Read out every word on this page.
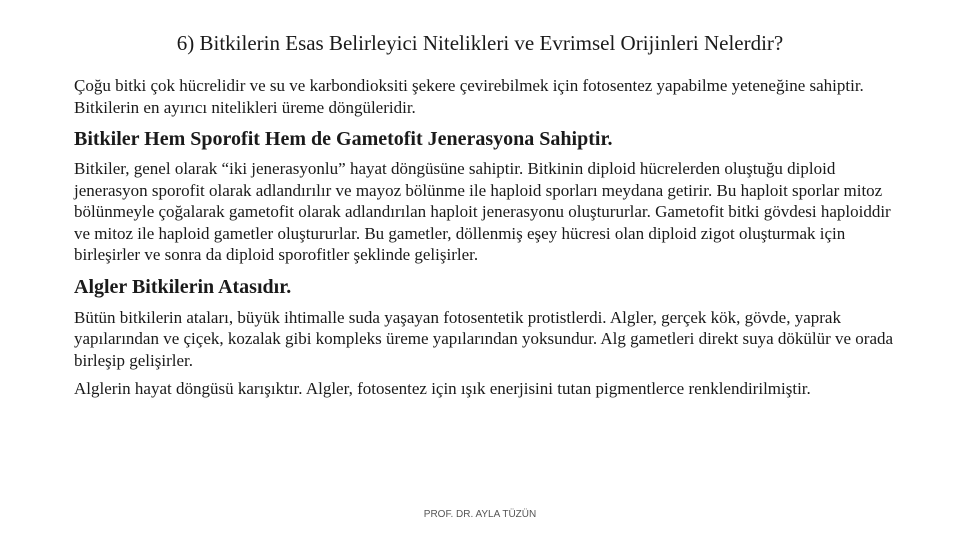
6) Bitkilerin Esas Belirleyici Nitelikleri ve Evrimsel Orijinleri Nelerdir?

Çoğu bitki çok hücrelidir ve su ve karbondioksiti şekere çevirebilmek için fotosentez yapabilme yeteneğine sahiptir. Bitkilerin en ayırıcı nitelikleri üreme döngüleridir.

Bitkiler Hem Sporofit Hem de Gametofit Jenerasyona Sahiptir.

Bitkiler, genel olarak “iki jenerasyonlu” hayat döngüsüne sahiptir. Bitkinin diploid hücrelerden oluştuğu diploid jenerasyon sporofit olarak adlandırılır ve mayoz bölünme ile haploid sporları meydana getirir. Bu haploit sporlar mitoz bölünmeyle çoğalarak gametofit olarak adlandırılan haploit jenerasyonu oluştururlar. Gametofit bitki gövdesi haploiddir ve mitoz ile haploid gametler oluştururlar. Bu gametler, döllenmiş eşey hücresi olan diploid zigot oluşturmak için birleşirler ve sonra da diploid sporofitler şeklinde gelişirler.

Algler Bitkilerin Atasıdır.

Bütün bitkilerin ataları, büyük ihtimalle suda yaşayan fotosentetik protistlerdi. Algler, gerçek kök, gövde, yaprak yapılarından ve çiçek, kozalak gibi kompleks üreme yapılarından yoksundur. Alg gametleri direkt suya dökülür ve orada birleşip gelişirler.

Alglerin hayat döngüsü karışıktır. Algler, fotosentez için ışık enerjisini tutan pigmentlerce renklendirilmiştir.

PROF. DR. AYLA TÜZÜN
